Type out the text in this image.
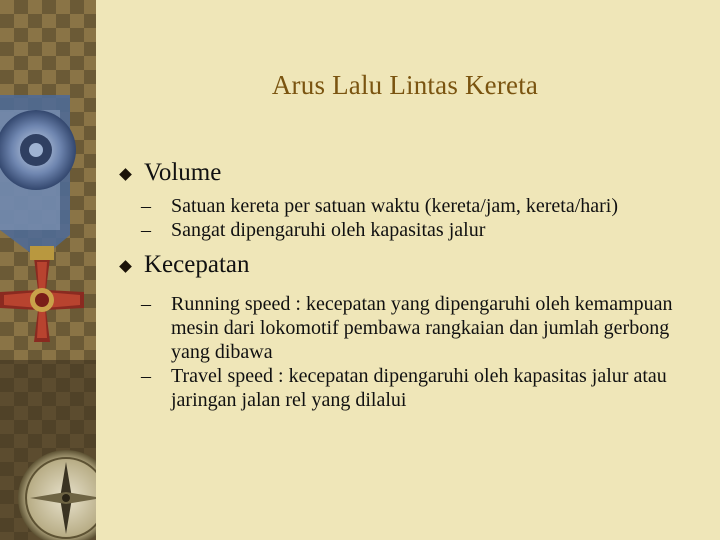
Arus Lalu Lintas Kereta

Volume

–	Satuan kereta per satuan waktu (kereta/jam, kereta/hari)
–	Sangat dipengaruhi oleh kapasitas jalur

Kecepatan

–	Running speed : kecepatan yang dipengaruhi oleh kemampuan mesin dari lokomotif pembawa rangkaian dan jumlah gerbong yang dibawa
–	Travel speed : kecepatan dipengaruhi oleh kapasitas jalur atau jaringan jalan rel yang dilalui
